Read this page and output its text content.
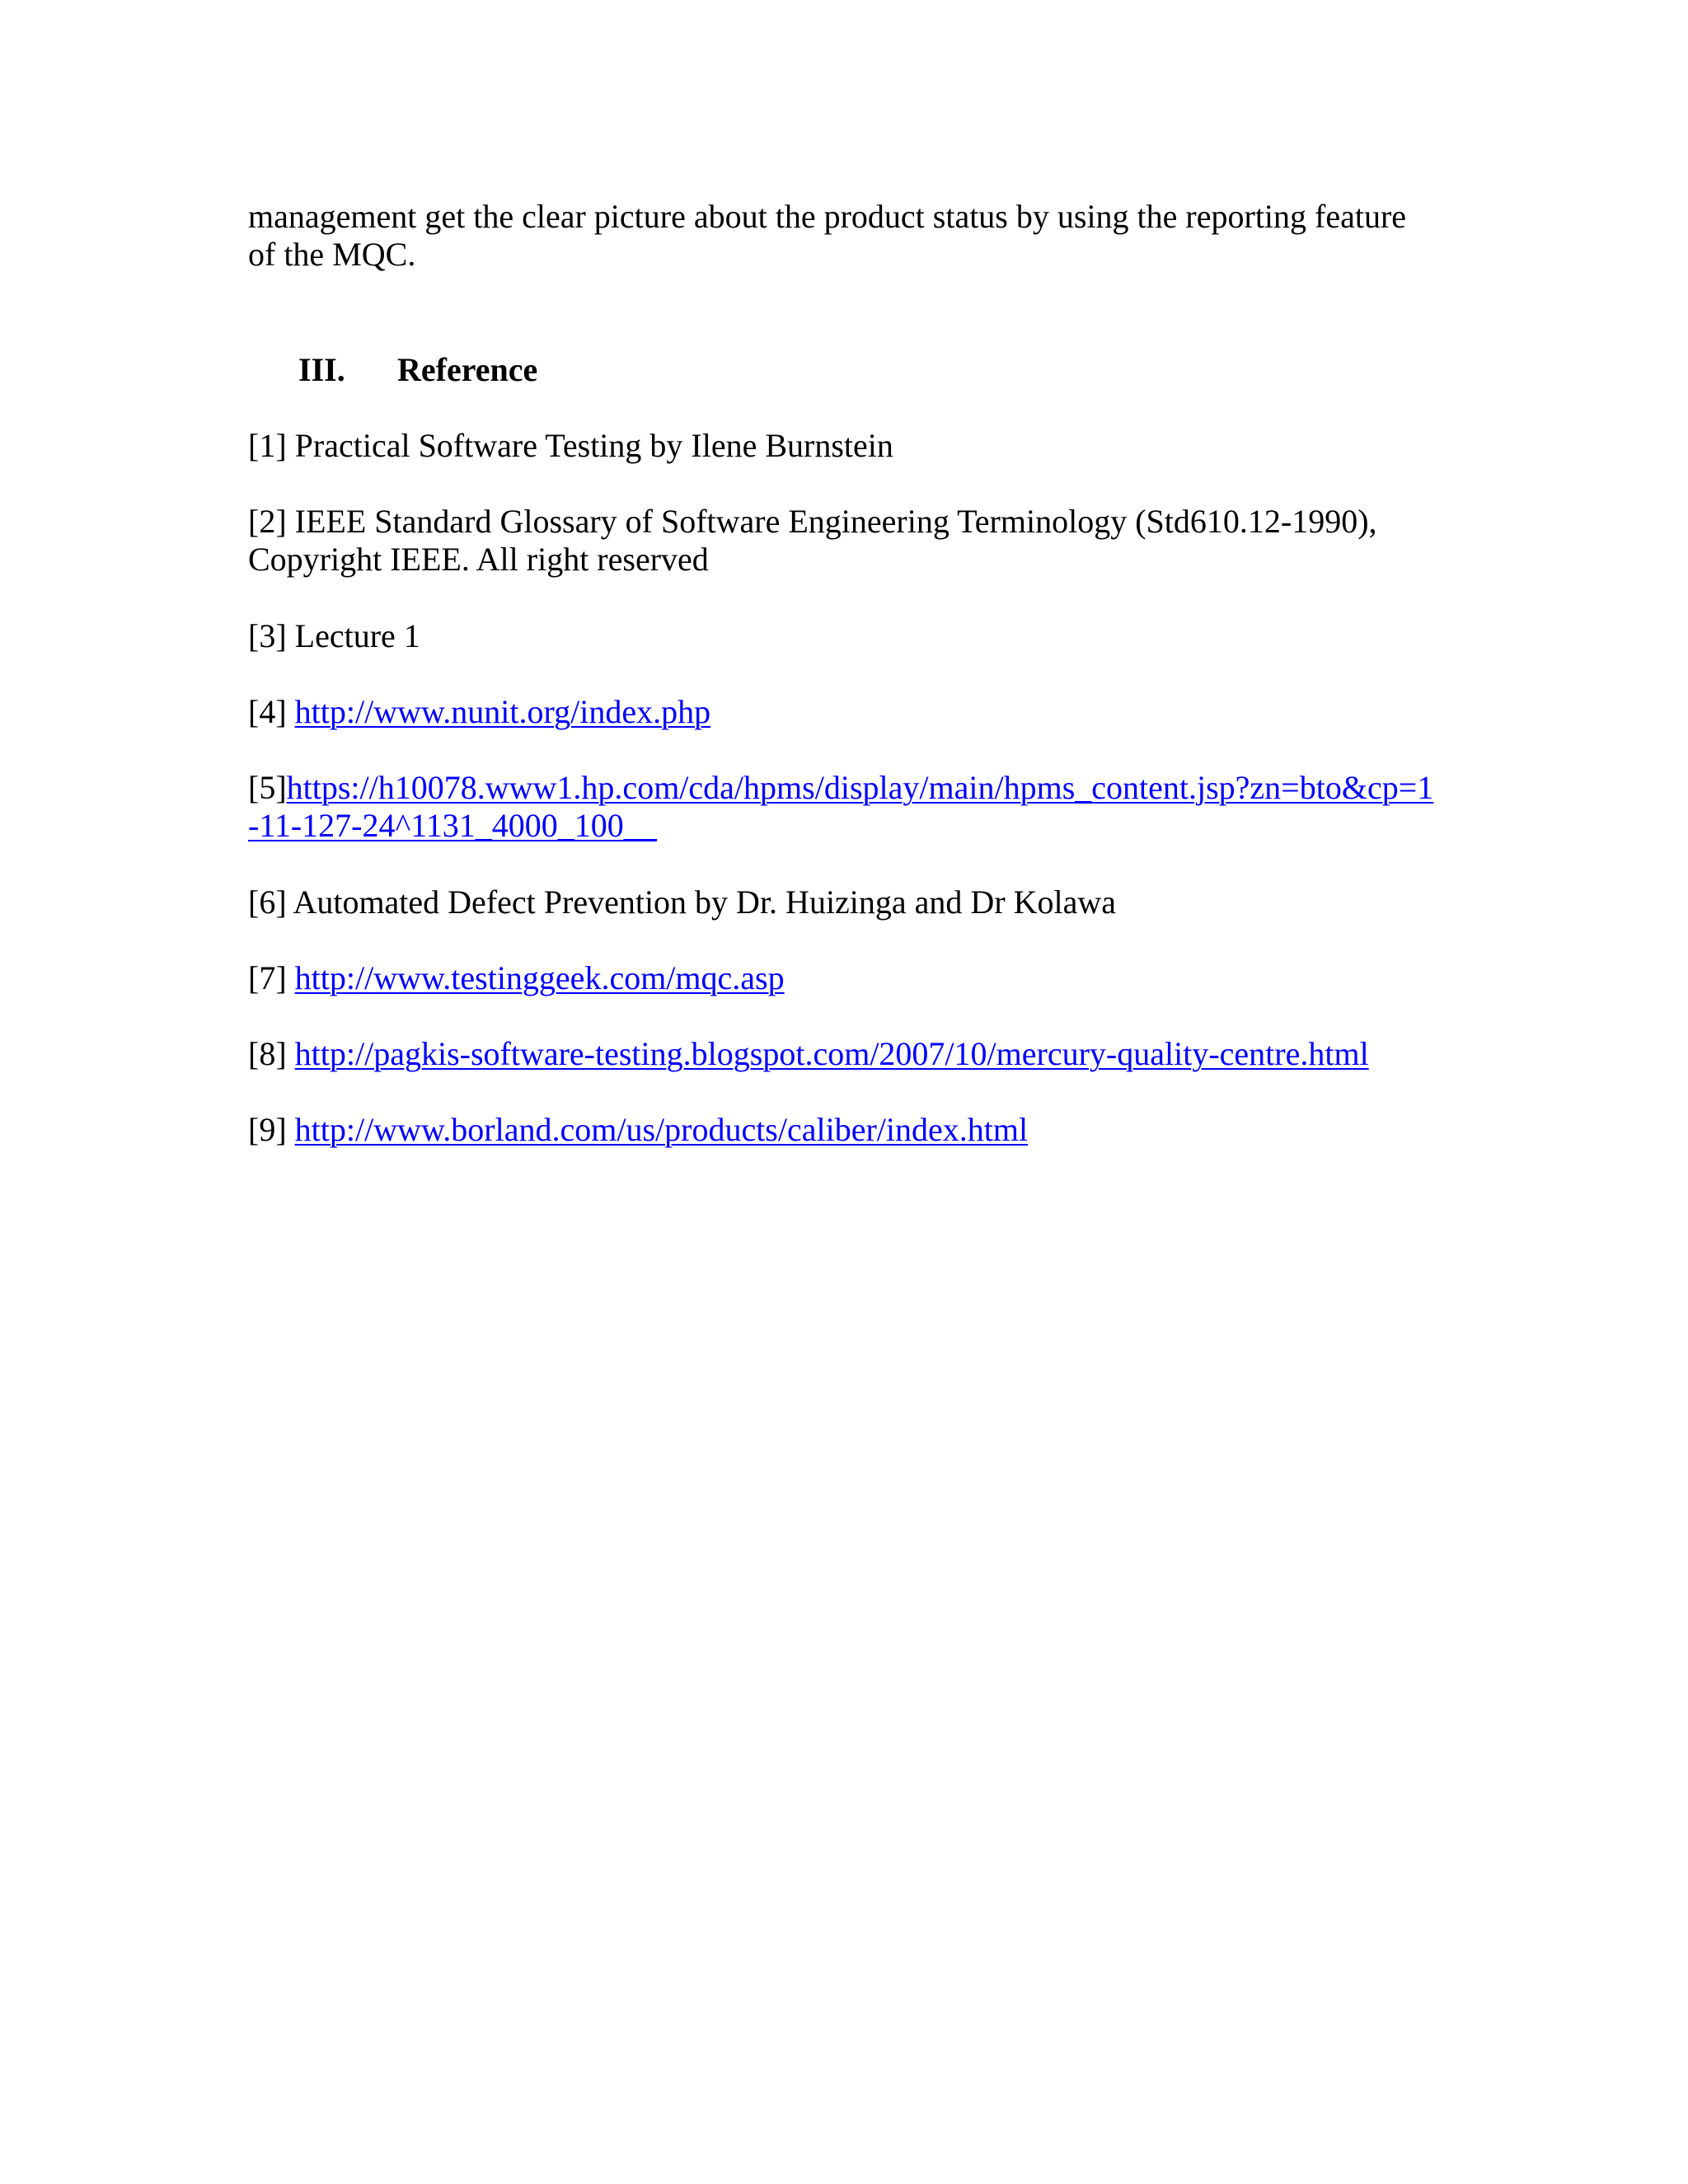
management get the clear picture about the product status by using the reporting feature
of the MQC.
III. Reference
[1] Practical Software Testing by Ilene Burnstein
[2] IEEE Standard Glossary of Software Engineering Terminology (Std610.12-1990),
Copyright IEEE. All right reserved
[3] Lecture 1
[4] http://www.nunit.org/index.php
[5]https://h10078.www1.hp.com/cda/hpms/display/main/hpms_content.jsp?zn=bto&cp=1
-11-127-24^1131_4000_100__
[6] Automated Defect Prevention by Dr. Huizinga and Dr Kolawa
[7] http://www.testinggeek.com/mqc.asp
[8] http://pagkis-software-testing.blogspot.com/2007/10/mercury-quality-centre.html
[9] http://www.borland.com/us/products/caliber/index.html
